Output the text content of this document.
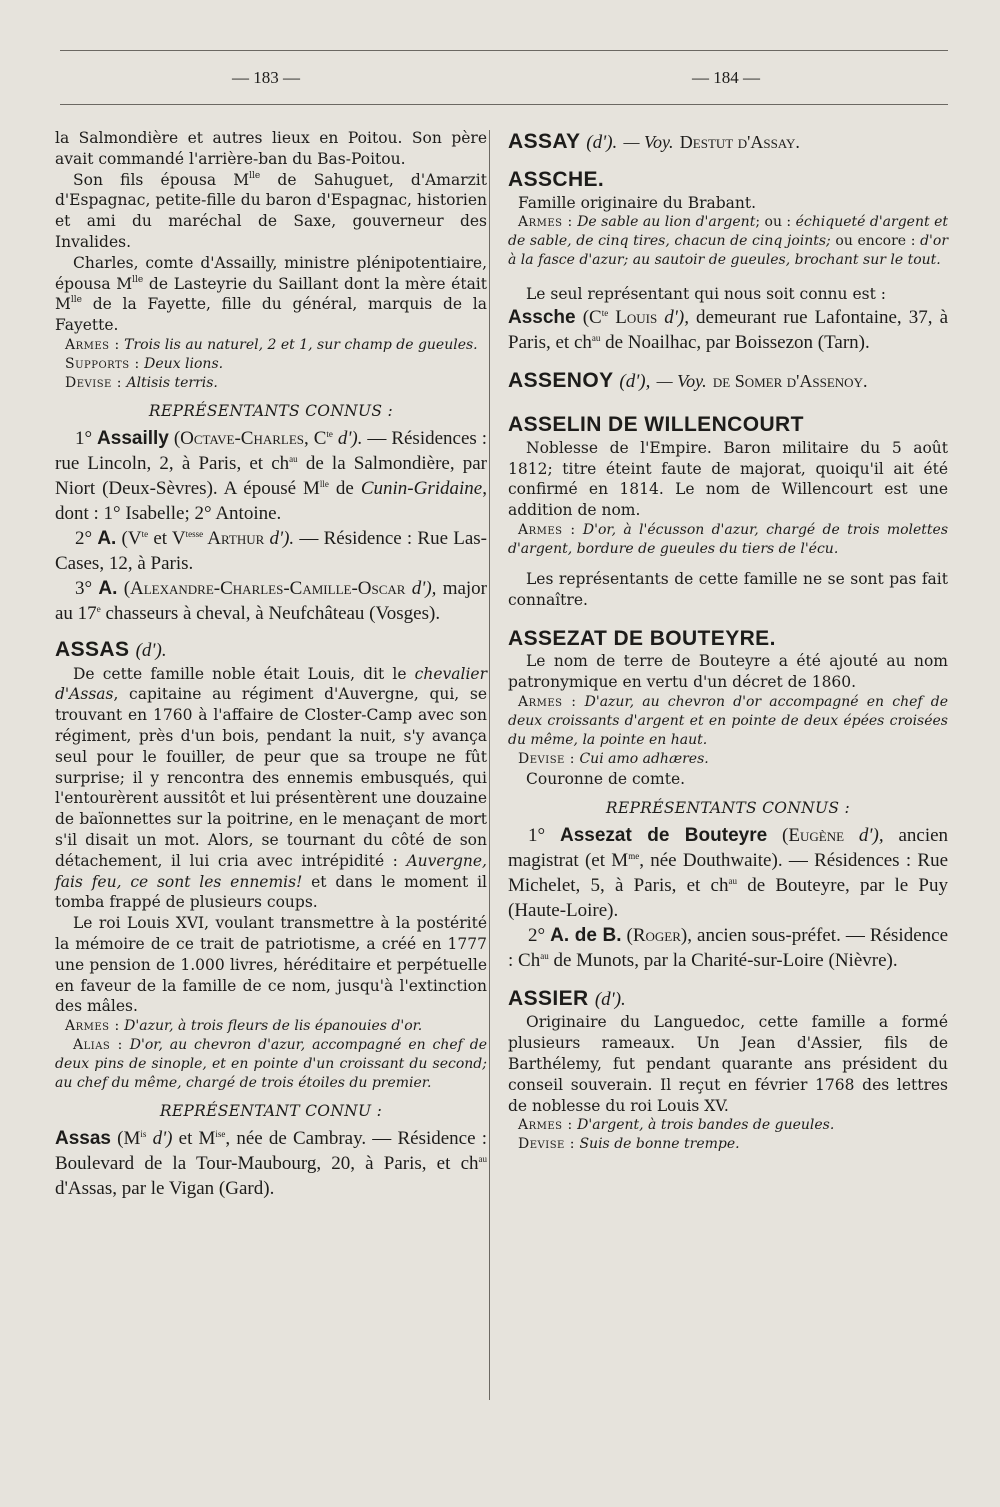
— 183 —	— 184 —

la Salmondière et autres lieux en Poitou. Son père avait commandé l'arrière-ban du Bas-Poitou.

Son fils épousa $M^{lle}$ de Sahuguet, d'Amarzit d'Espagnac, petite-fille du baron d'Espagnac, historien et ami du maréchal de Saxe, gouverneur des Invalides.

Charles, comte d'Assailly, ministre plénipotentiaire, épousa $M^{lle}$ de Lasteyrie du Saillant dont la mère était $M^{lle}$ de la Fayette, fille du général, marquis de la Fayette.

Armes : Trois lis au naturel, 2 et 1, sur champ de gueules.

Supports : Deux lions.

Devise : Altisis terris.

REPRÉSENTANTS CONNUS :

1° Assailly (Octave-Charles, $C^{te}$ d'). — Résidences : rue Lincoln, 2, à Paris, et $ch^{au}$ de la Salmondière, par Niort (Deux-Sèvres). A épousé $M^{lle}$ de Cunin-Gridaine, dont : 1° Isabelle; 2° Antoine.

2° A. ($V^{te}$ et $V^{tesse}$ Arthur d'). — Résidence : Rue Las-Cases, 12, à Paris.

3° A. (Alexandre-Charles-Camille-Oscar d'), major au 17e chasseurs à cheval, à Neufchâteau (Vosges).

ASSAS (d').

De cette famille noble était Louis, dit le chevalier d'Assas, capitaine au régiment d'Auvergne, qui, se trouvant en 1760 à l'affaire de Closter-Camp avec son régiment, près d'un bois, pendant la nuit, s'y avança seul pour le fouiller, de peur que sa troupe ne fût surprise; il y rencontra des ennemis embusqués, qui l'entourèrent aussitôt et lui présentèrent une douzaine de baïonnettes sur la poitrine, en le menaçant de mort s'il disait un mot. Alors, se tournant du côté de son détachement, il lui cria avec intrépidité : Auvergne, fais feu, ce sont les ennemis! et dans le moment il tomba frappé de plusieurs coups.

Le roi Louis XVI, voulant transmettre à la postérité la mémoire de ce trait de patriotisme, a créé en 1777 une pension de 1.000 livres, héréditaire et perpétuelle en faveur de la famille de ce nom, jusqu'à l'extinction des mâles.

Armes : D'azur, à trois fleurs de lis épanouies d'or.

Alias : D'or, au chevron d'azur, accompagné en chef de deux pins de sinople, et en pointe d'un croissant du second; au chef du même, chargé de trois étoiles du premier.

REPRÉSENTANT CONNU :

Assas ($M^{is}$ d') et $M^{ise}$, née de Cambray. — Résidence : Boulevard de la Tour-Maubourg, 20, à Paris, et $ch^{au}$ d'Assas, par le Vigan (Gard).

ASSAY (d'). — Voy. Destut d'Assay.
ASSCHE.

Famille originaire du Brabant.

Armes : De sable au lion d'argent; ou : échiqueté d'argent et de sable, de cinq tires, chacun de cinq joints; ou encore : d'or à la fasce d'azur; au sautoir de gueules, brochant sur le tout.

Le seul représentant qui nous soit connu est :

Assche ($C^{te}$ Louis d'), demeurant rue Lafontaine, 37, à Paris, et $ch^{au}$ de Noailhac, par Boissezon (Tarn).

ASSENOY (d'), — Voy. de Somer d'Assenoy.
ASSELIN DE WILLENCOURT

Noblesse de l'Empire. Baron militaire du 5 août 1812; titre éteint faute de majorat, quoiqu'il ait été confirmé en 1814. Le nom de Willencourt est une addition de nom.

Armes : D'or, à l'écusson d'azur, chargé de trois molettes d'argent, bordure de gueules du tiers de l'écu.

Les représentants de cette famille ne se sont pas fait connaître.

ASSEZAT DE BOUTEYRE.

Le nom de terre de Bouteyre a été ajouté au nom patronymique en vertu d'un décret de 1860.

Armes : D'azur, au chevron d'or accompagné en chef de deux croissants d'argent et en pointe de deux épées croisées du même, la pointe en haut.

Devise : Cui amo adhæres.

Couronne de comte.

REPRÉSENTANTS CONNUS :

1° Assezat de Bouteyre (Eugène d'), ancien magistrat (et $M^{me}$, née Douthwaite). — Résidences : Rue Michelet, 5, à Paris, et $ch^{au}$ de Bouteyre, par le Puy (Haute-Loire).

2° A. de B. (Roger), ancien sous-préfet. — Résidence : $Ch^{au}$ de Munots, par la Charité-sur-Loire (Nièvre).

ASSIER (d').

Originaire du Languedoc, cette famille a formé plusieurs rameaux. Un Jean d'Assier, fils de Barthélemy, fut pendant quarante ans président du conseil souverain. Il reçut en février 1768 des lettres de noblesse du roi Louis XV.

Armes : D'argent, à trois bandes de gueules.

Devise : Suis de bonne trempe.
